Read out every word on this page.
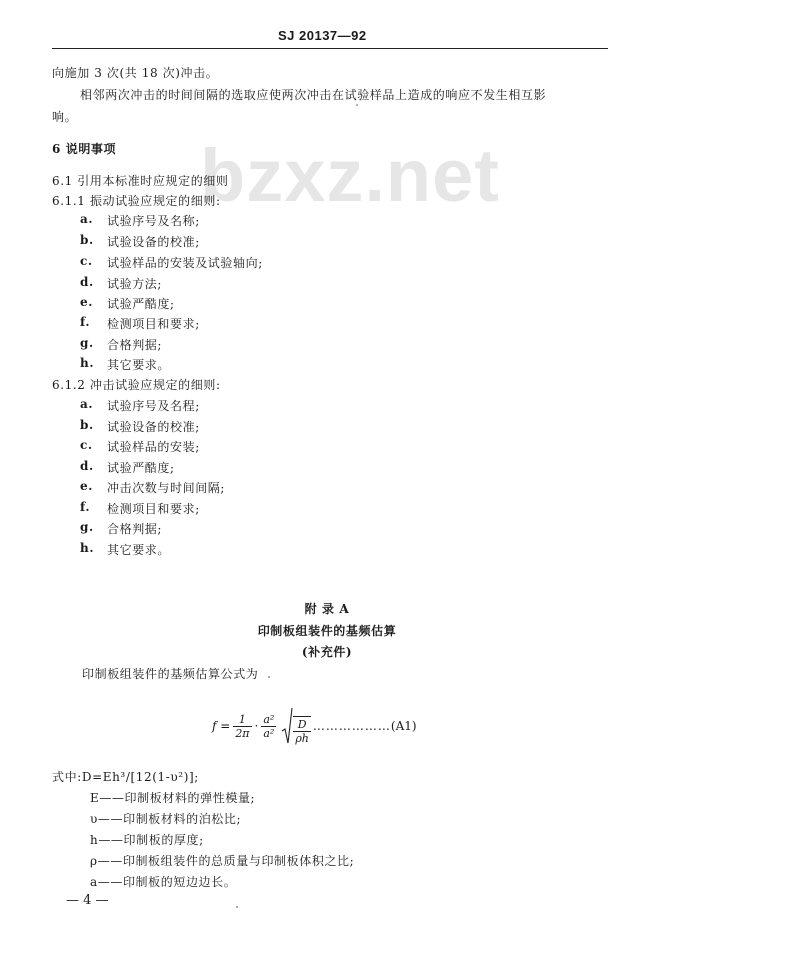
SJ 20137—92
bzxz.net
向施加 3 次(共 18 次)冲击。
相邻两次冲击的时间间隔的选取应使两次冲击在试验样品上造成的响应不发生相互影
响。
6 说明事项
6.1 引用本标准时应规定的细则
6.1.1 振动试验应规定的细则:
a. 试验序号及名称;
b. 试验设备的校准;
c. 试验样品的安装及试验轴向;
d. 试验方法;
e. 试验严酷度;
f. 检测项目和要求;
g. 合格判据;
h. 其它要求。
6.1.2 冲击试验应规定的细则:
a. 试验序号及名程;
b. 试验设备的校准;
c. 试验样品的安装;
d. 试验严酷度;
e. 冲击次数与时间间隔;
f. 检测项目和要求;
g. 合格判据;
h. 其它要求。
附 录 A
印制板组装件的基频估算
(补充件)
印制板组装件的基频估算公式为
$f = \frac{1}{2\pi} \cdot \frac{\text{a²}}{\text{a²}} \frac{D}{\rho h}$ ……………… (A1)
式中:D=Eh³/[12(1-υ²)];
E——印制板材料的弹性模量;
υ——印制板材料的泊松比;
h——印制板的厚度;
ρ——印制板组装件的总质量与印制板体积之比;
a——印制板的短边边长。
— 4 —
